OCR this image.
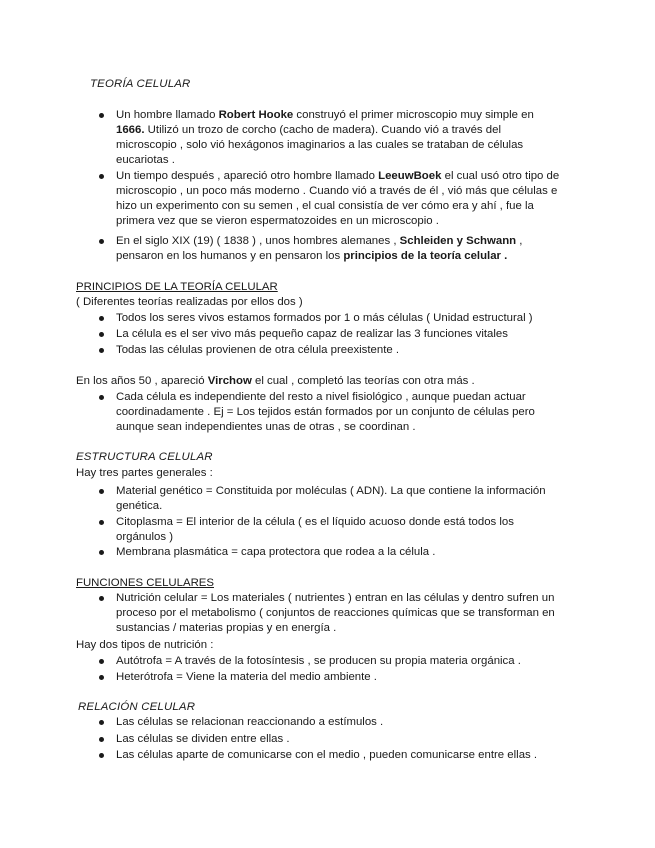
TEORÍA CELULAR
Un hombre llamado Robert Hooke construyó el primer microscopio muy simple en
1666. Utilizó un trozo de corcho (cacho de madera). Cuando vió a través del
microscopio , solo vió hexágonos imaginarios a las cuales se trataban de células
eucariotas .
Un tiempo después , apareció otro hombre llamado LeeuwBoek el cual usó otro tipo de
microscopio , un poco más moderno . Cuando vió a través de él , vió más que células e
hizo un experimento con su semen , el cual consistía de ver cómo era y ahí , fue la
primera vez que se vieron espermatozoides en un microscopio .
En el siglo XIX (19) ( 1838 ) , unos hombres alemanes , Schleiden y Schwann ,
pensaron en los humanos y en pensaron los principios de la teoría celular .
PRINCIPIOS DE LA TEORÍA CELULAR
( Diferentes teorías realizadas por ellos dos )
Todos los seres vivos estamos formados por 1 o más células ( Unidad estructural )
La célula es el ser vivo más pequeño capaz de realizar las 3 funciones vitales
Todas las células provienen de otra célula preexistente .
En los años 50 , apareció Virchow el cual , completó las teorías con otra más .
Cada célula es independiente del resto a nivel fisiológico , aunque puedan actuar
coordinadamente . Ej = Los tejidos están formados por un conjunto de células pero
aunque sean independientes unas de otras , se coordinan .
ESTRUCTURA CELULAR
Hay tres partes generales :
Material genético = Constituida por moléculas ( ADN). La que contiene la información
genética.
Citoplasma = El interior de la célula ( es el líquido acuoso donde está todos los
orgánulos )
Membrana plasmática = capa protectora que rodea a la célula .
FUNCIONES CELULARES
Nutrición celular = Los materiales ( nutrientes ) entran en las células y dentro sufren un
proceso por el metabolismo ( conjuntos de reacciones químicas que se transforman en
sustancias / materias propias y en energía .
Hay dos tipos de nutrición :
Autótrofa = A través de la fotosíntesis , se producen su propia materia orgánica .
Heterótrofa = Viene la materia del medio ambiente .
RELACIÓN CELULAR
Las células se relacionan reaccionando a estímulos .
Las células se dividen entre ellas .
Las células aparte de comunicarse con el medio , pueden comunicarse entre ellas .
